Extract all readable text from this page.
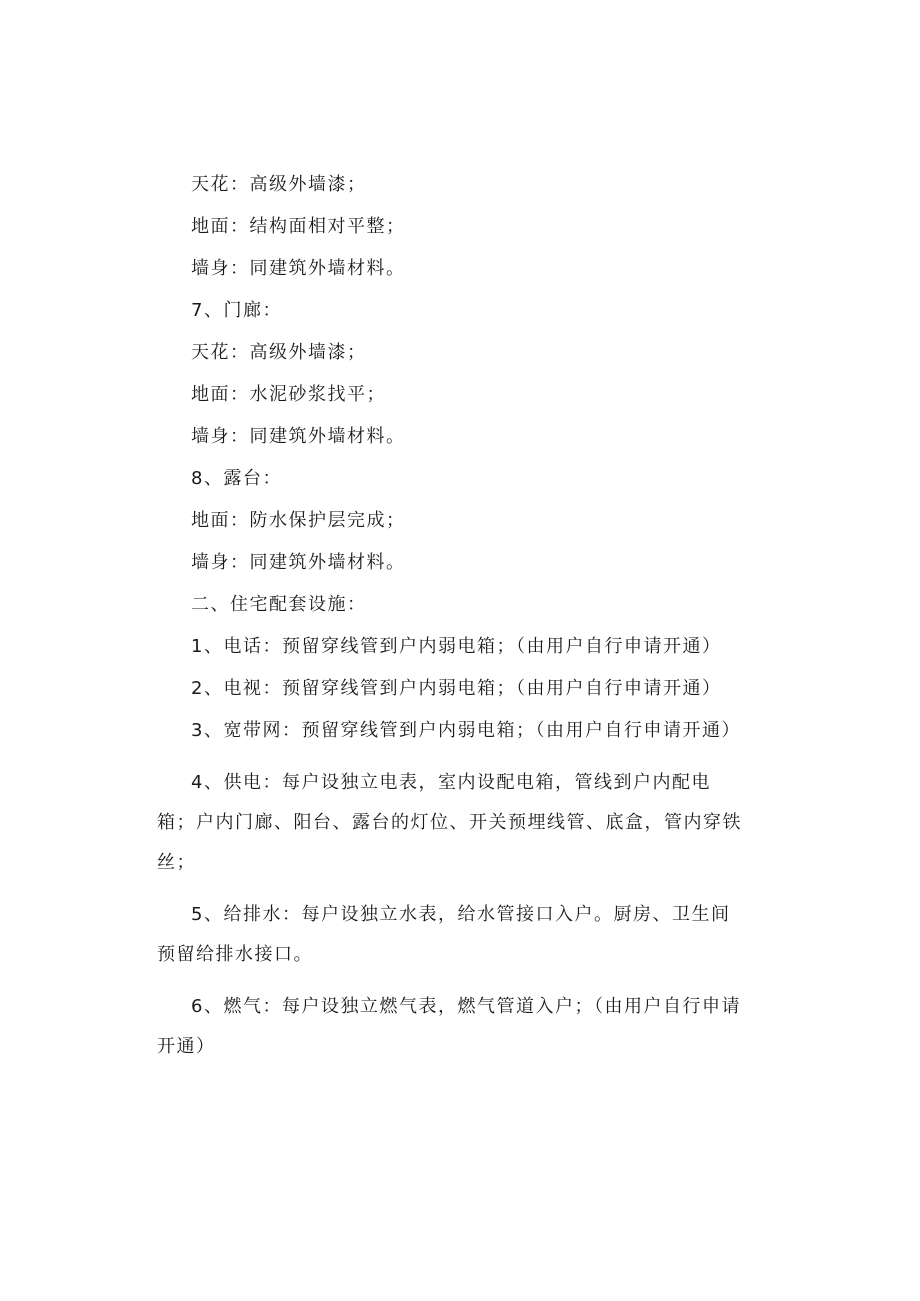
天花：高级外墙漆；

地面：结构面相对平整；

墙身：同建筑外墙材料。

7、门廊：

天花：高级外墙漆；

地面：水泥砂浆找平；

墙身：同建筑外墙材料。

8、露台：

地面：防水保护层完成；

墙身：同建筑外墙材料。

二、住宅配套设施：

1、电话：预留穿线管到户内弱电箱；（由用户自行申请开通）

2、电视：预留穿线管到户内弱电箱；（由用户自行申请开通）

3、宽带网：预留穿线管到户内弱电箱；（由用户自行申请开通）

4、供电：每户设独立电表，室内设配电箱，管线到户内配电箱；户内门廊、阳台、露台的灯位、开关预埋线管、底盒，管内穿铁丝；

5、给排水：每户设独立水表，给水管接口入户。厨房、卫生间预留给排水接口。

6、燃气：每户设独立燃气表，燃气管道入户；（由用户自行申请开通）
